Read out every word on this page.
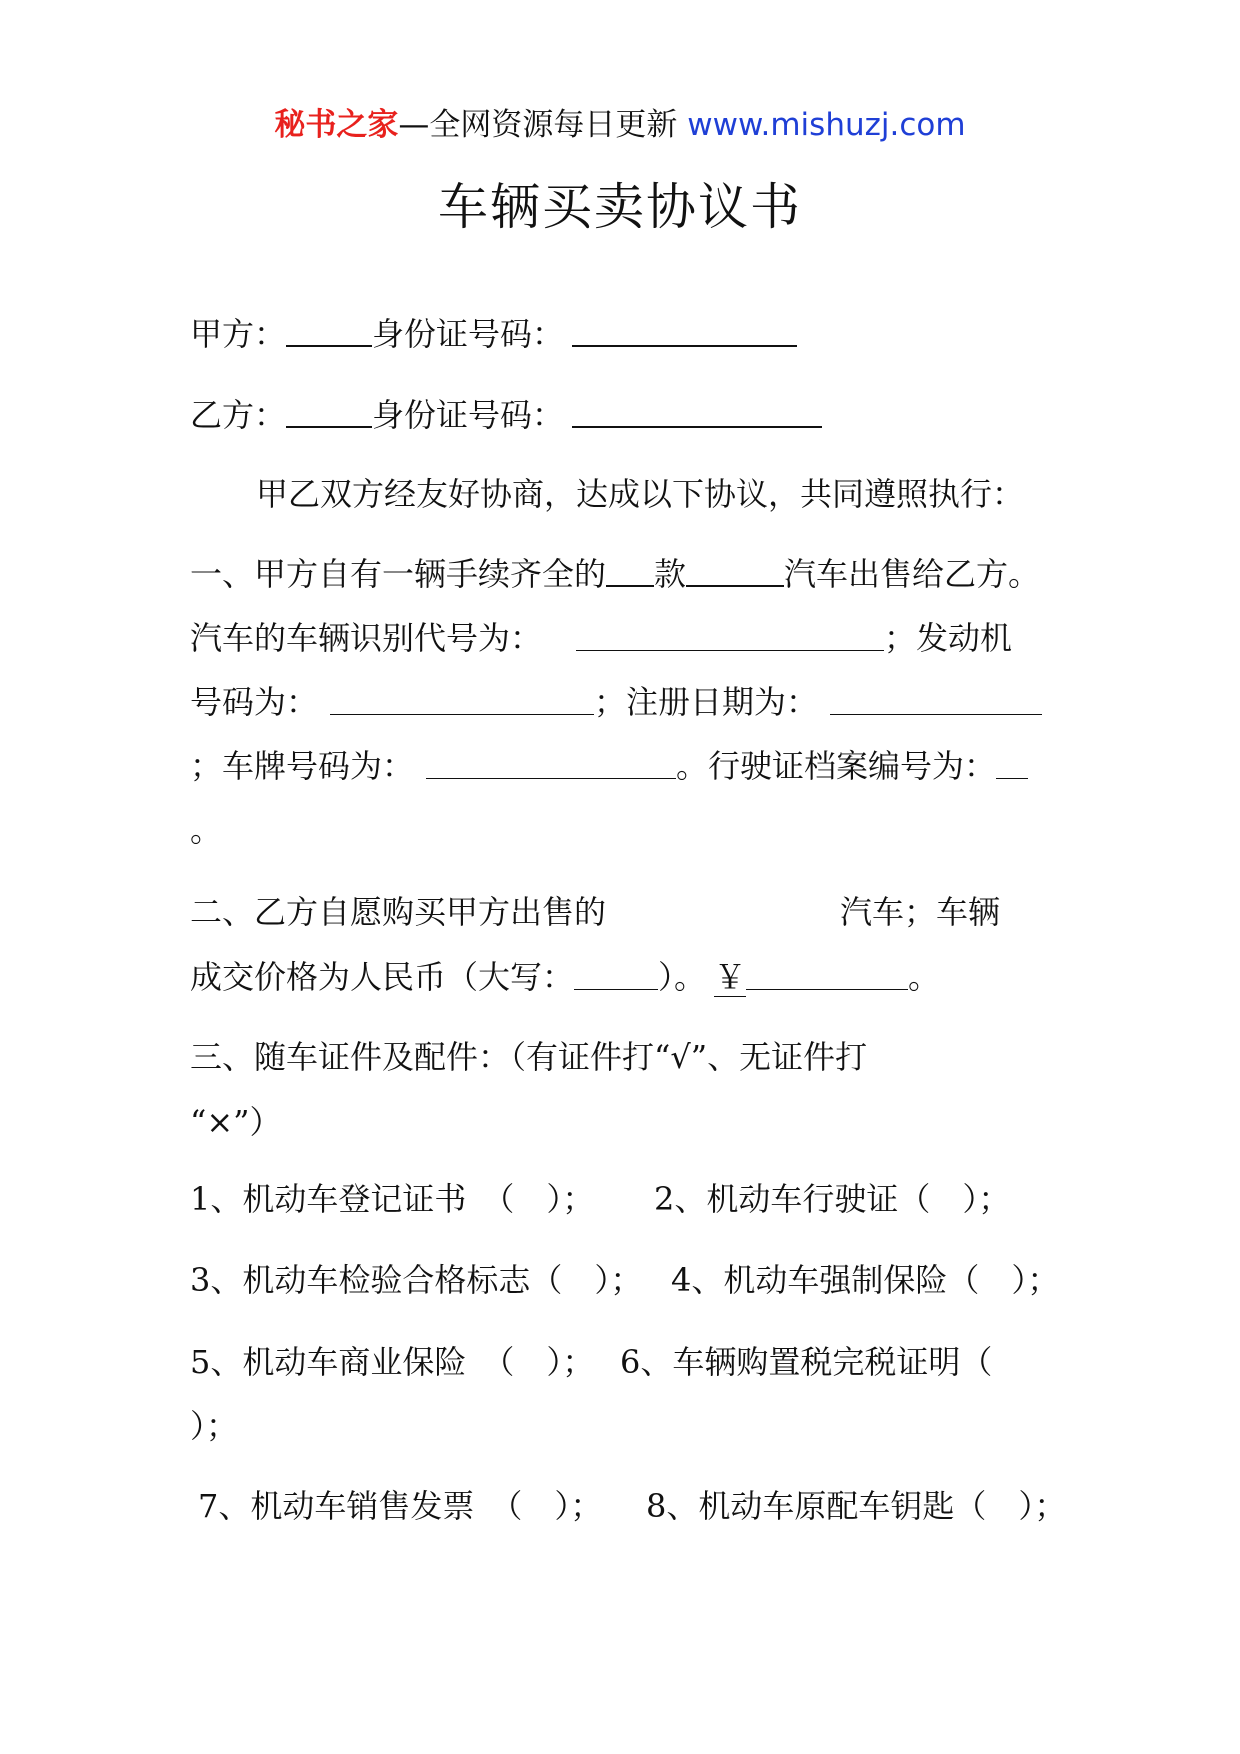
秘书之家—全网资源每日更新 www.mishuzj.com
车辆买卖协议书
甲方：	身份证号码：
乙方：	身份证号码：
甲乙双方经友好协商，达成以下协议，共同遵照执行：
一、甲方自有一辆手续齐全的 款	汽车出售给乙方。
汽车的车辆识别代号为：	；发动机
号码为：	；注册日期为：
；车牌号码为：	。行驶证档案编号为：
。
二、乙方自愿购买甲方出售的	汽车；车辆
成交价格为人民币（大写：	）。 ￥	。
三、随车证件及配件：（有证件打“√”、无证件打
“×”）
1、机动车登记证书　（　）； 2、机动车行驶证（　）；
3、机动车检验合格标志（　）； 4、机动车强制保险（　）；
5、机动车商业保险　（　）； 6、车辆购置税完税证明（
）；
7、机动车销售发票　（　）； 8、机动车原配车钥匙（　）；
